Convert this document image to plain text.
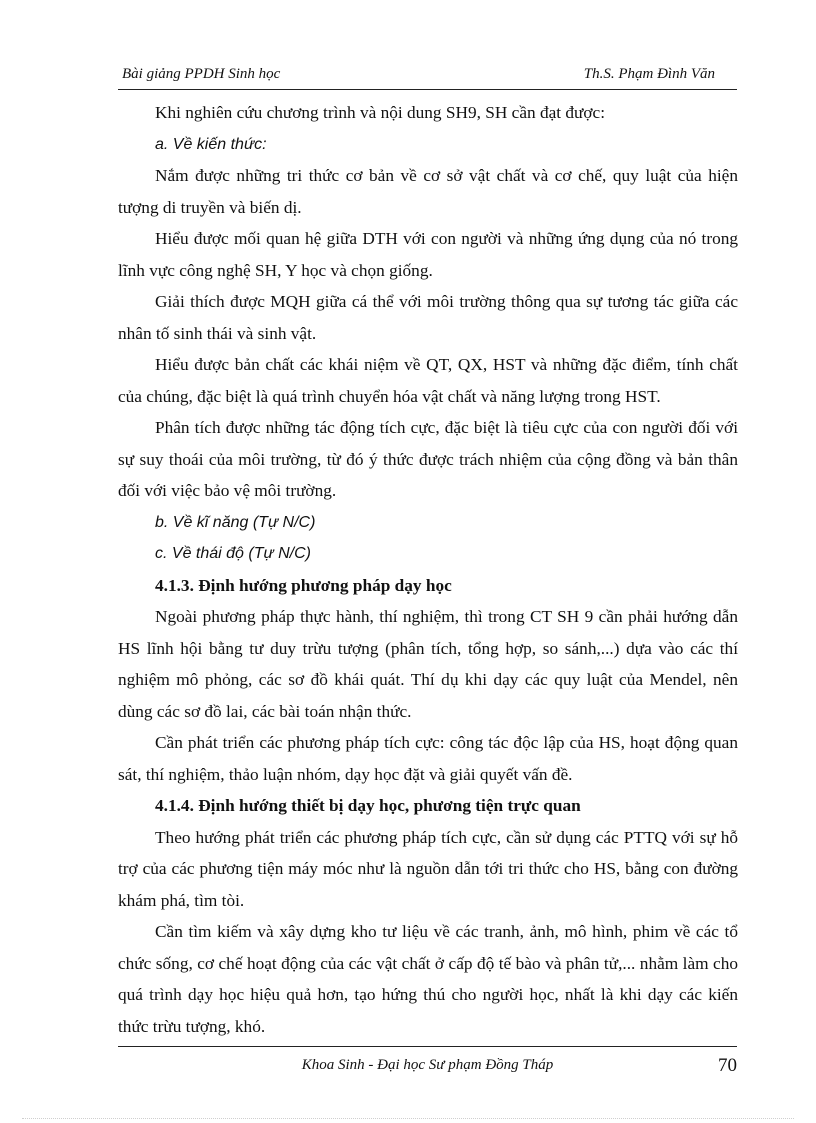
Bài giảng PPDH Sinh học	Th.S. Phạm Đình Văn

Khi nghiên cứu chương trình và nội dung SH9, SH cần đạt được:

a. Về kiến thức:

Nắm được những tri thức cơ bản về cơ sở vật chất và cơ chế, quy luật của hiện tượng di truyền và biến dị.

Hiểu được mối quan hệ giữa DTH với con người và những ứng dụng của nó trong lĩnh vực công nghệ SH, Y học và chọn giống.

Giải thích được MQH giữa cá thể với môi trường thông qua sự tương tác giữa các nhân tố sinh thái và sinh vật.

Hiểu được bản chất các khái niệm về QT, QX, HST và những đặc điểm, tính chất của chúng, đặc biệt là quá trình chuyển hóa vật chất và năng lượng trong HST.

Phân tích được những tác động tích cực, đặc biệt là tiêu cực của con người đối với sự suy thoái của môi trường, từ đó ý thức được trách nhiệm của cộng đồng và bản thân đối với việc bảo vệ môi trường.

b. Về kĩ năng (Tự N/C)

c. Về thái độ (Tự N/C)

4.1.3. Định hướng phương pháp dạy học

Ngoài phương pháp thực hành, thí nghiệm, thì trong CT SH 9 cần phải hướng dẫn HS lĩnh hội bằng tư duy trừu tượng (phân tích, tổng hợp, so sánh,...) dựa vào các thí nghiệm mô phỏng, các sơ đồ khái quát. Thí dụ khi dạy các quy luật của Mendel, nên dùng các sơ đồ lai, các bài toán nhận thức.

Cần phát triển các phương pháp tích cực: công tác độc lập của HS, hoạt động quan sát, thí nghiệm, thảo luận nhóm, dạy học đặt và giải quyết vấn đề.

4.1.4. Định hướng thiết bị dạy học, phương tiện trực quan

Theo hướng phát triển các phương pháp tích cực, cần sử dụng các PTTQ với sự hỗ trợ của các phương tiện máy móc như là nguồn dẫn tới tri thức cho HS, bằng con đường khám phá, tìm tòi.

Cần tìm kiếm và xây dựng kho tư liệu về các tranh, ảnh, mô hình, phim về các tổ chức sống, cơ chế hoạt động của các vật chất ở cấp độ tế bào và phân tử,... nhằm làm cho quá trình dạy học hiệu quả hơn, tạo hứng thú cho người học, nhất là khi dạy các kiến thức trừu tượng, khó.

Khoa Sinh - Đại học Sư phạm Đồng Tháp	70
